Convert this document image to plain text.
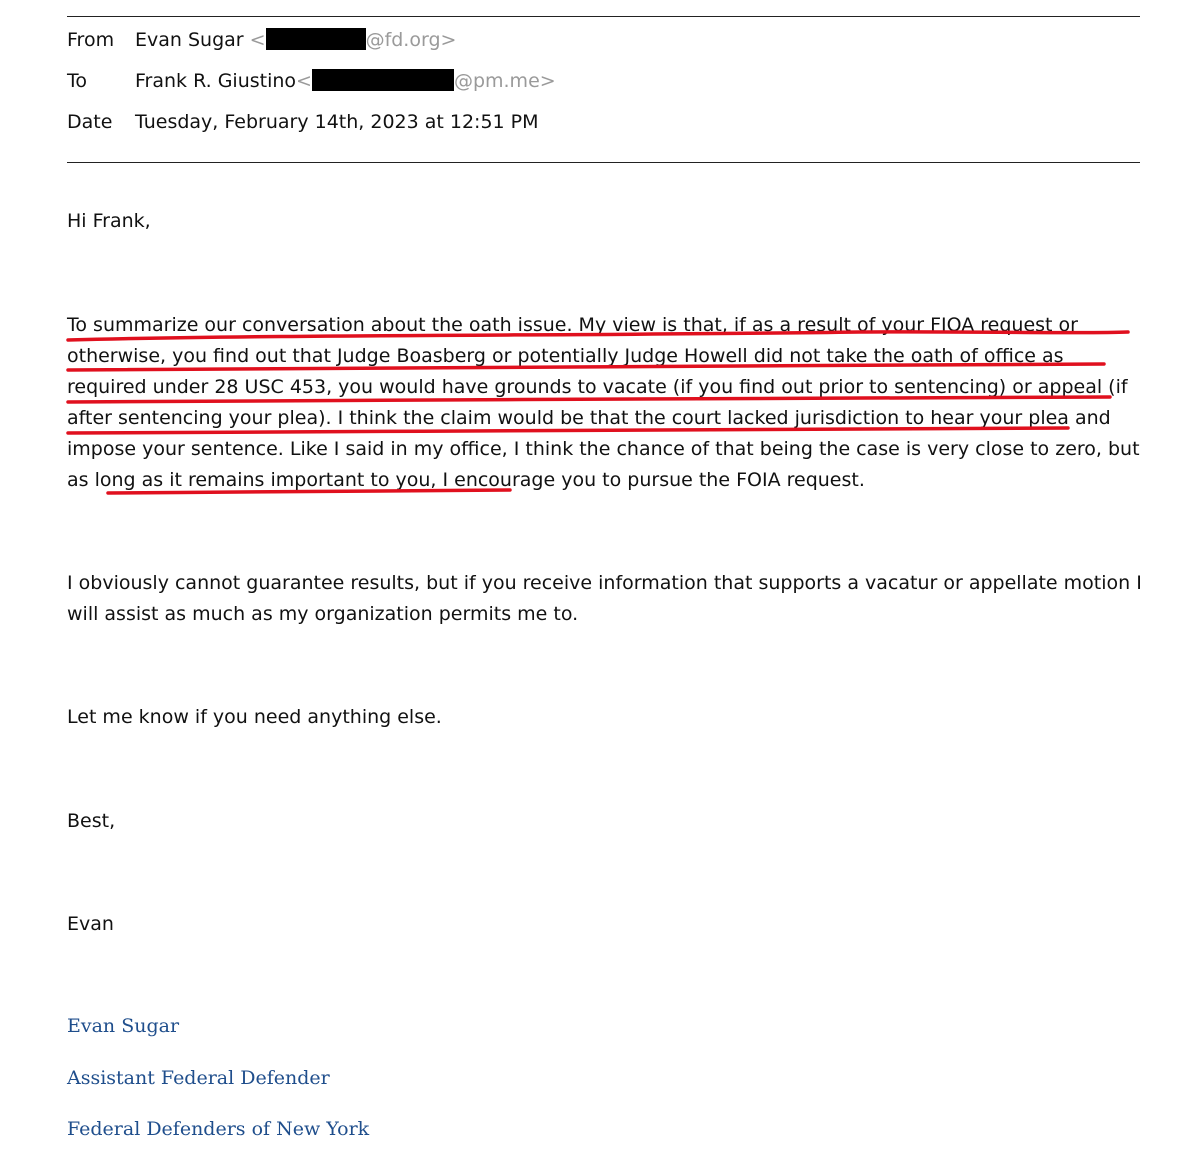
From Evan Sugar <	@fd.org>
To	Frank R. Giustino<	@pm.me>
Date Tuesday, February 14th, 2023 at 12:51 PM

Hi Frank,

To summarize our conversation about the oath issue. My view is that, if as a result of your FIOA request or otherwise, you find out that Judge Boasberg or potentially Judge Howell did not take the oath of office as required under 28 USC 453, you would have grounds to vacate (if you find out prior to sentencing) or appeal (if after sentencing your plea). I think the claim would be that the court lacked jurisdiction to hear your plea and impose your sentence. Like I said in my office, I think the chance of that being the case is very close to zero, but as long as it remains important to you, I encourage you to pursue the FOIA request.

I obviously cannot guarantee results, but if you receive information that supports a vacatur or appellate motion I will assist as much as my organization permits me to.

Let me know if you need anything else.

Best,

Evan

Evan Sugar
Assistant Federal Defender
Federal Defenders of New York
